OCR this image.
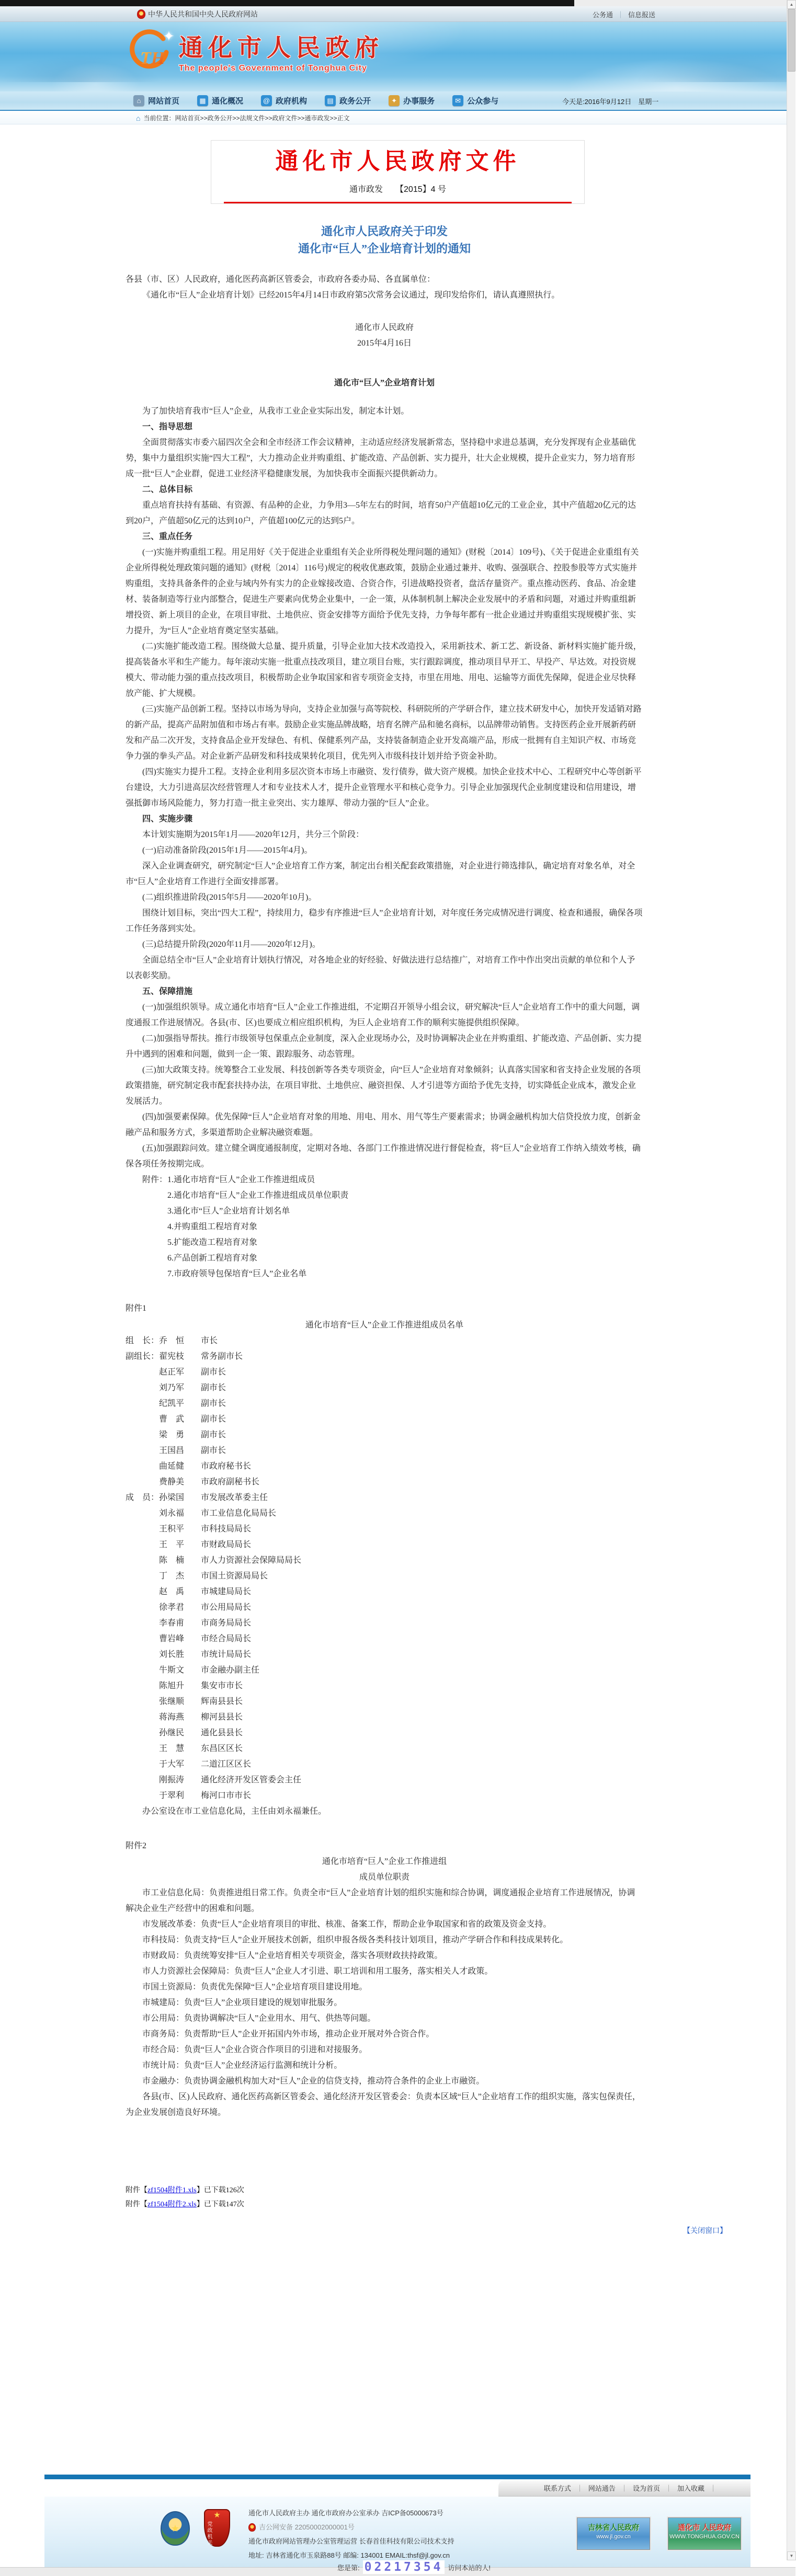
★ 中华人民共和国中央人民政府网站	公务通 ｜ 信息报送
TH
✦ 通化市人民政府
The people's Government of Tonghua City
⌂ 网站首页	▦ 通化概况	@ 政府机构	▤ 政务公开	✦ 办事服务	✉ 公众参与	今天是:2016年9月12日　星期一
⌂ 当前位置：网站首页>>政务公开>>法规文件>>政府文件>>通市政发>>正文
通化市人民政府文件
通市政发　　【2015】4 号
通化市人民政府关于印发
通化市“巨人”企业培育计划的通知

各县（市、区）人民政府，通化医药高新区管委会，市政府各委办局、各直属单位：

《通化市“巨人”企业培育计划》已经2015年4月14日市政府第5次常务会议通过，现印发给你们，请认真遵照执行。

通化市人民政府

2015年4月16日

通化市“巨人”企业培育计划

为了加快培育我市“巨人”企业，从我市工业企业实际出发，制定本计划。

一、指导思想

全面贯彻落实市委六届四次全会和全市经济工作会议精神，主动适应经济发展新常态，坚持稳中求进总基调，充分发挥现有企业基础优势，集中力量组织实施“四大工程”，大力推动企业并购重组、扩能改造、产品创新、实力提升，壮大企业规模，提升企业实力，努力培育形成一批“巨人”企业群，促进工业经济平稳健康发展，为加快我市全面振兴提供新动力。

二、总体目标

重点培育扶持有基础、有资源、有品种的企业，力争用3—5年左右的时间，培育50户产值超10亿元的工业企业，其中产值超20亿元的达到20户，产值超50亿元的达到10户，产值超100亿元的达到5户。

三、重点任务

(一)实施并购重组工程。用足用好《关于促进企业重组有关企业所得税处理问题的通知》(财税〔2014〕109号)、《关于促进企业重组有关企业所得税处理政策问题的通知》(财税〔2014〕116号)规定的税收优惠政策，鼓励企业通过兼并、收购、强强联合、控股参股等方式实施并购重组，支持具备条件的企业与域内外有实力的企业嫁接改造、合资合作，引进战略投资者，盘活存量资产。重点推动医药、食品、冶金建材、装备制造等行业内部整合，促进生产要素向优势企业集中，一企一策，从体制机制上解决企业发展中的矛盾和问题，对通过并购重组新增投资、新上项目的企业，在项目审批、土地供应、资金安排等方面给予优先支持，力争每年都有一批企业通过并购重组实现规模扩张、实力提升，为“巨人”企业培育奠定坚实基础。

(二)实施扩能改造工程。围绕做大总量、提升质量，引导企业加大技术改造投入，采用新技术、新工艺、新设备、新材料实施扩能升级，提高装备水平和生产能力。每年滚动实施一批重点技改项目，建立项目台账，实行跟踪调度，推动项目早开工、早投产、早达效。对投资规模大、带动能力强的重点技改项目，积极帮助企业争取国家和省专项资金支持，市里在用地、用电、运输等方面优先保障，促进企业尽快释放产能、扩大规模。

(三)实施产品创新工程。坚持以市场为导向，支持企业加强与高等院校、科研院所的产学研合作，建立技术研发中心，加快开发适销对路的新产品，提高产品附加值和市场占有率。鼓励企业实施品牌战略，培育名牌产品和驰名商标，以品牌带动销售。支持医药企业开展新药研发和产品二次开发，支持食品企业开发绿色、有机、保健系列产品，支持装备制造企业开发高端产品，形成一批拥有自主知识产权、市场竞争力强的拳头产品。对企业新产品研发和科技成果转化项目，优先列入市级科技计划并给予资金补助。

(四)实施实力提升工程。支持企业利用多层次资本市场上市融资、发行债券，做大资产规模。加快企业技术中心、工程研究中心等创新平台建设，大力引进高层次经营管理人才和专业技术人才，提升企业管理水平和核心竞争力。引导企业加强现代企业制度建设和信用建设，增强抵御市场风险能力，努力打造一批主业突出、实力雄厚、带动力强的“巨人”企业。

四、实施步骤

本计划实施期为2015年1月——2020年12月，共分三个阶段：

(一)启动准备阶段(2015年1月——2015年4月)。

深入企业调查研究，研究制定“巨人”企业培育工作方案，制定出台相关配套政策措施，对企业进行筛选排队，确定培育对象名单，对全市“巨人”企业培育工作进行全面安排部署。

(二)组织推进阶段(2015年5月——2020年10月)。

围绕计划目标，突出“四大工程”，持续用力，稳步有序推进“巨人”企业培育计划，对年度任务完成情况进行调度、检查和通报，确保各项工作任务落到实处。

(三)总结提升阶段(2020年11月——2020年12月)。

全面总结全市“巨人”企业培育计划执行情况，对各地企业的好经验、好做法进行总结推广，对培育工作中作出突出贡献的单位和个人予以表彰奖励。

五、保障措施

(一)加强组织领导。成立通化市培育“巨人”企业工作推进组，不定期召开领导小组会议，研究解决“巨人”企业培育工作中的重大问题，调度通报工作进展情况。各县(市、区)也要成立相应组织机构，为巨人企业培育工作的顺利实施提供组织保障。

(二)加强指导帮扶。推行市级领导包保重点企业制度，深入企业现场办公，及时协调解决企业在并购重组、扩能改造、产品创新、实力提升中遇到的困难和问题，做到一企一策、跟踪服务、动态管理。

(三)加大政策支持。统筹整合工业发展、科技创新等各类专项资金，向“巨人”企业培育对象倾斜；认真落实国家和省支持企业发展的各项政策措施，研究制定我市配套扶持办法，在项目审批、土地供应、融资担保、人才引进等方面给予优先支持，切实降低企业成本，激发企业发展活力。

(四)加强要素保障。优先保障“巨人”企业培育对象的用地、用电、用水、用气等生产要素需求；协调金融机构加大信贷投放力度，创新金融产品和服务方式，多渠道帮助企业解决融资难题。

(五)加强跟踪问效。建立健全调度通报制度，定期对各地、各部门工作推进情况进行督促检查，将“巨人”企业培育工作纳入绩效考核，确保各项任务按期完成。

附件：1.通化市培育“巨人”企业工作推进组成员

　　　2.通化市培育“巨人”企业工作推进组成员单位职责

　　　3.通化市“巨人”企业培育计划名单

　　　4.并购重组工程培育对象

　　　5.扩能改造工程培育对象

　　　6.产品创新工程培育对象

　　　7.市政府领导包保培育“巨人”企业名单

附件1
通化市培育“巨人”企业工作推进组成员名单
组　长：乔　恒　　市长
副组长：翟宪枝　　常务副市长
　　　　赵正军　　副市长
　　　　刘乃军　　副市长
　　　　纪凯平　　副市长
　　　　曹　武　　副市长
　　　　梁　勇　　副市长
　　　　王国昌　　副市长
　　　　曲延健　　市政府秘书长
　　　　费静美　　市政府副秘书长
成　员：孙梁国　　市发展改革委主任
　　　　刘永福　　市工业信息化局局长
　　　　王积平　　市科技局局长
　　　　王　平　　市财政局局长
　　　　陈　楠　　市人力资源社会保障局局长
　　　　丁　杰　　市国土资源局局长
　　　　赵　禹　　市城建局局长
　　　　徐孝君　　市公用局局长
　　　　李春甫　　市商务局局长
　　　　曹岩峰　　市经合局局长
　　　　刘长胜　　市统计局局长
　　　　牛斯文　　市金融办副主任
　　　　陈旭升　　集安市市长
　　　　张继顺　　辉南县县长
　　　　蒋海燕　　柳河县县长
　　　　孙继民　　通化县县长
　　　　王　慧　　东昌区区长
　　　　于大军　　二道江区区长
　　　　刚振涛　　通化经济开发区管委会主任
　　　　于翠利　　梅河口市市长

办公室设在市工业信息化局，主任由刘永福兼任。

附件2
通化市培育“巨人”企业工作推进组
成员单位职责

市工业信息化局：负责推进组日常工作。负责全市“巨人”企业培育计划的组织实施和综合协调，调度通报企业培育工作进展情况，协调解决企业生产经营中的困难和问题。

市发展改革委：负责“巨人”企业培育项目的审批、核准、备案工作，帮助企业争取国家和省的政策及资金支持。

市科技局：负责支持“巨人”企业开展技术创新，组织申报各级各类科技计划项目，推动产学研合作和科技成果转化。

市财政局：负责统筹安排“巨人”企业培育相关专项资金，落实各项财政扶持政策。

市人力资源社会保障局：负责“巨人”企业人才引进、职工培训和用工服务，落实相关人才政策。

市国土资源局：负责优先保障“巨人”企业培育项目建设用地。

市城建局：负责“巨人”企业项目建设的规划审批服务。

市公用局：负责协调解决“巨人”企业用水、用气、供热等问题。

市商务局：负责帮助“巨人”企业开拓国内外市场，推动企业开展对外合资合作。

市经合局：负责“巨人”企业合资合作项目的引进和对接服务。

市统计局：负责“巨人”企业经济运行监测和统计分析。

市金融办：负责协调金融机构加大对“巨人”企业的信贷支持，推动符合条件的企业上市融资。

各县(市、区)人民政府、通化医药高新区管委会、通化经济开发区管委会：负责本区域“巨人”企业培育工作的组织实施，落实包保责任，为企业发展创造良好环境。

附件【zf1504附件1.xls】已下载126次
附件【zf1504附件2.xls】已下载147次
【关闭窗口】
联系方式 ｜ 网站通告 ｜ 设为首页 ｜ 加入收藏 ｜
★
★
党政机关
通化市人民政府主办 通化市政府办公室承办 吉ICP备05000673号
吉公网安备 22050002000001号
通化市政府网站管理办公室管理运营 长春首佳科技有限公司技术支持
地址: 吉林省通化市玉泉路88号 邮编: 134001 EMAIL:thsf@jl.gov.cn
您是第: 02217354 访问本站的人!
吉林省人民政府
www.jl.gov.cn
通化市 人民政府
WWW.TONGHUA.GOV.CN
▲
▼
